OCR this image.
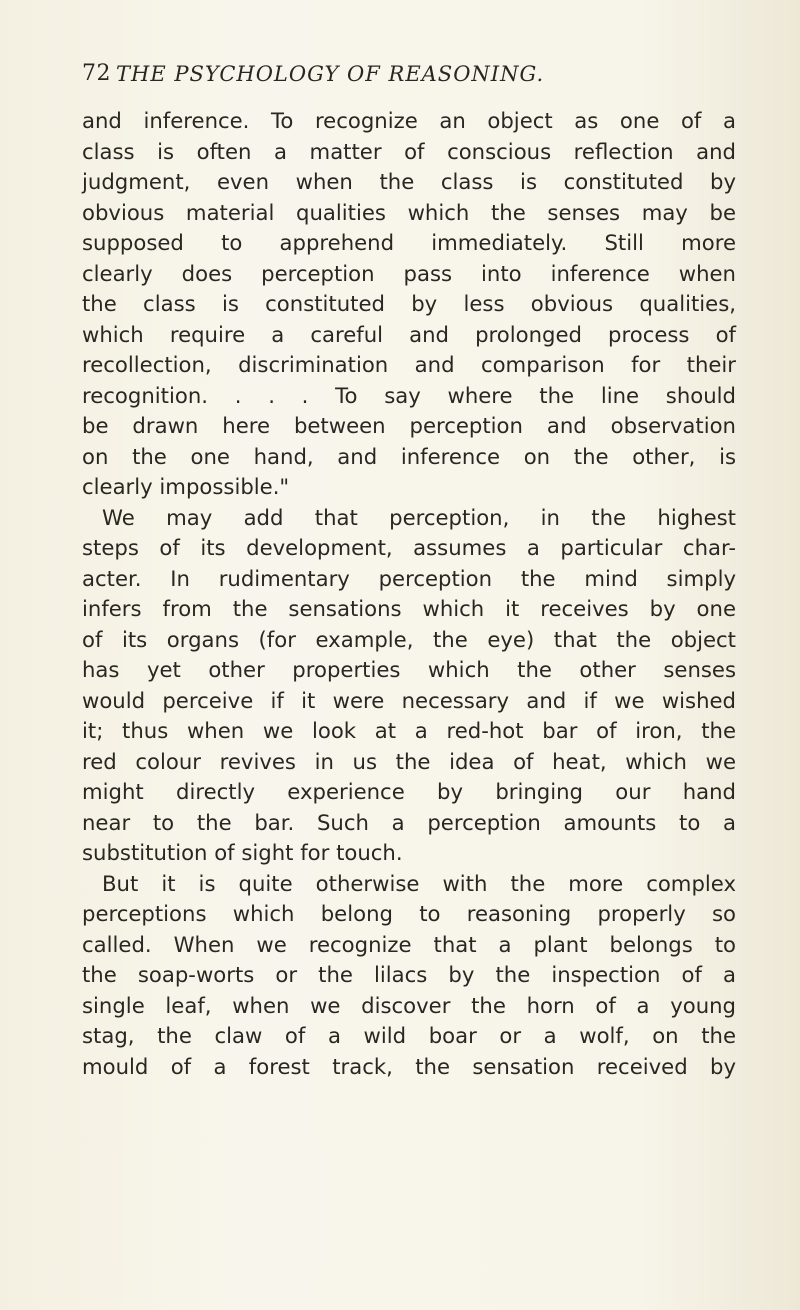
72 THE PSYCHOLOGY OF REASONING.
and inference. To recognize an object as one of a
class is often a matter of conscious reflection and
judgment, even when the class is constituted by
obvious material qualities which the senses may be
supposed to apprehend immediately. Still more
clearly does perception pass into inference when
the class is constituted by less obvious qualities,
which require a careful and prolonged process of
recollection, discrimination and comparison for their
recognition. . . . To say where the line should
be drawn here between perception and observation
on the one hand, and inference on the other, is
clearly impossible."
We may add that perception, in the highest
steps of its development, assumes a particular char-
acter. In rudimentary perception the mind simply
infers from the sensations which it receives by one
of its organs (for example, the eye) that the object
has yet other properties which the other senses
would perceive if it were necessary and if we wished
it; thus when we look at a red-hot bar of iron, the
red colour revives in us the idea of heat, which we
might directly experience by bringing our hand
near to the bar. Such a perception amounts to a
substitution of sight for touch.
But it is quite otherwise with the more complex
perceptions which belong to reasoning properly so
called. When we recognize that a plant belongs to
the soap-worts or the lilacs by the inspection of a
single leaf, when we discover the horn of a young
stag, the claw of a wild boar or a wolf, on the
mould of a forest track, the sensation received by
